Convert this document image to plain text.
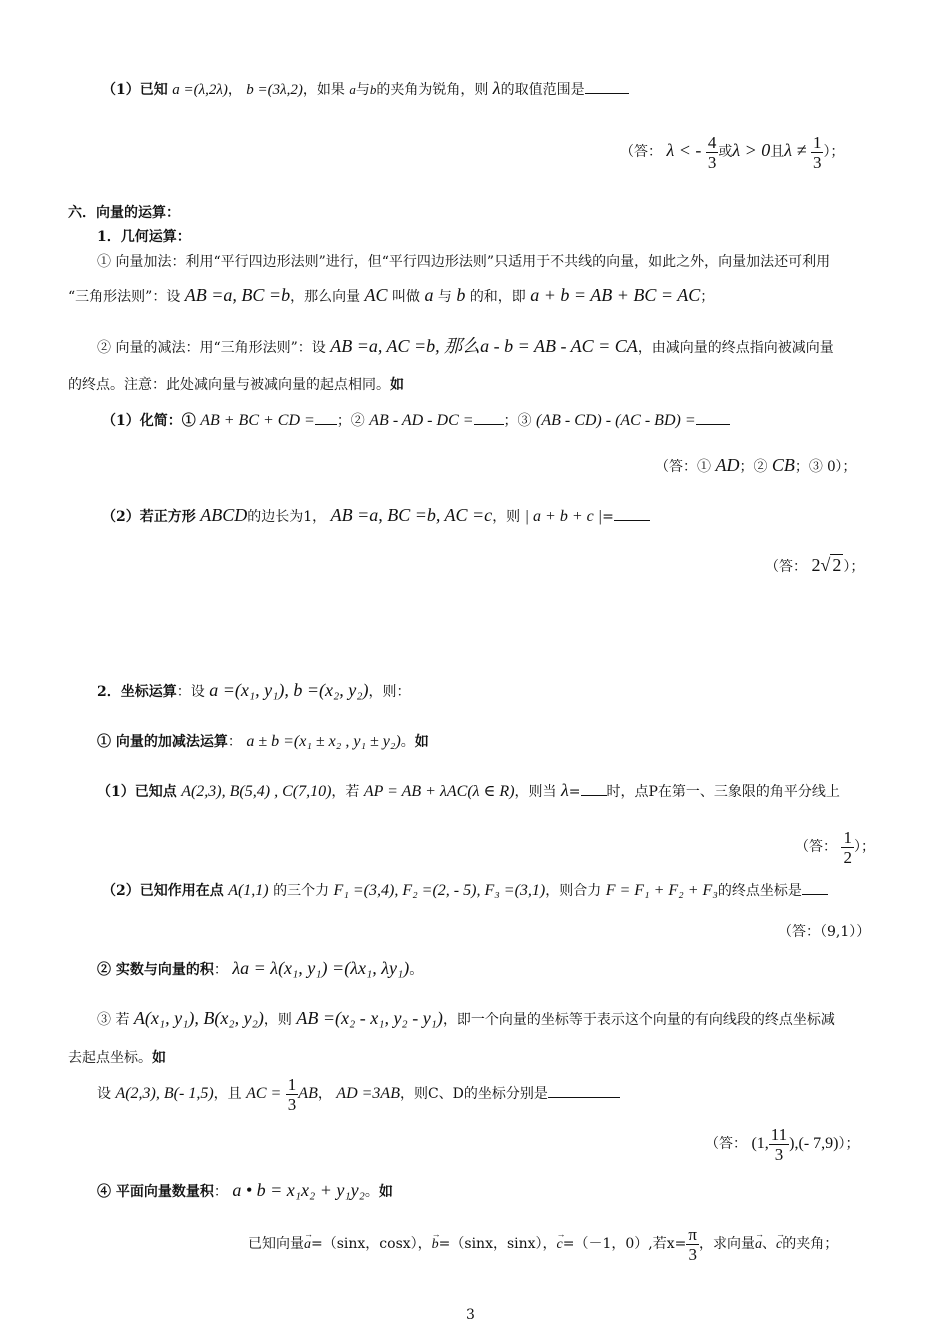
（1）已知 a =(λ,2λ)， b =(3λ,2)，如果 a与b的夹角为锐角，则 λ的取值范围是
（答： λ < - $\frac{4}{3}$ 或λ > 0且$\lambda \ne \frac{1}{3}$ ）；
六．向量的运算：
1．几何运算：
① 向量加法：利用“平行四边形法则”进行，但“平行四边形法则”只适用于不共线的向量，如此之外，向量加法还可利用
“三角形法则”：设 AB =a, BC =b，那么向量 AC 叫做 a 与 b 的和，即 a + b = AB + BC = AC；
② 向量的减法：用“三角形法则”：设 AB =a, AC =b, 那么a - b = AB - AC = CA，由减向量的终点指向被减向量
的终点。注意：此处减向量与被减向量的起点相同。如
（1）化简：① AB + BC + CD = ；② AB - AD - DC = ；③ (AB - CD) - (AC - BD) =
（答：① AD；② CB；③ 0）；
（2）若正方形 ABCD的边长为1， AB =a, BC =b, AC =c，则 | a + b + c |=
（答： 2√ 2 ）；
2．坐标运算：设 a =(x₁, y₁), b =(x₂, y₂)，则：
① 向量的加减法运算： a ± b =(x₁ ± x₂ , y₁ ± y₂)。如
（1）已知点 A(2,3), B(5,4) , C(7,10)，若 AP = AB + λAC(λ ∈ R)，则当 λ= 时，点P在第一、三象限的角平分线上
（答： $\frac{1}{2}$ ）；
（2）已知作用在点 A(1,1) 的三个力 F₁ =(3,4), F₂ =(2, - 5), F₃ =(3,1)，则合力 F = F₁ + F₂ + F₃的终点坐标是
（答：（9,1））
② 实数与向量的积： λa = λ(x₁, y₁) =(λx₁, λy₁)。
③ 若 A(x₁, y₁), B(x₂, y₂)，则 AB =(x₂ - x₁, y₂ - y₁)，即一个向量的坐标等于表示这个向量的有向线段的终点坐标减
去起点坐标。如
设 A(2,3), B(- 1,5)，且 AC = $\frac{1}{3}$ AB， AD =3AB，则C、D的坐标分别是
（答： (1, $\frac{11}{3}$ ),(- 7,9)）；
④ 平面向量数量积： a • b = x₁x₂ + y₁y₂。如
已知向量→ a=（sinx，cosx），→ b=（sinx，sinx），→ c=（－1，0）,若$x= \frac{\pi}{3}$ ，求向量→ a、→ c的夹角；
3
